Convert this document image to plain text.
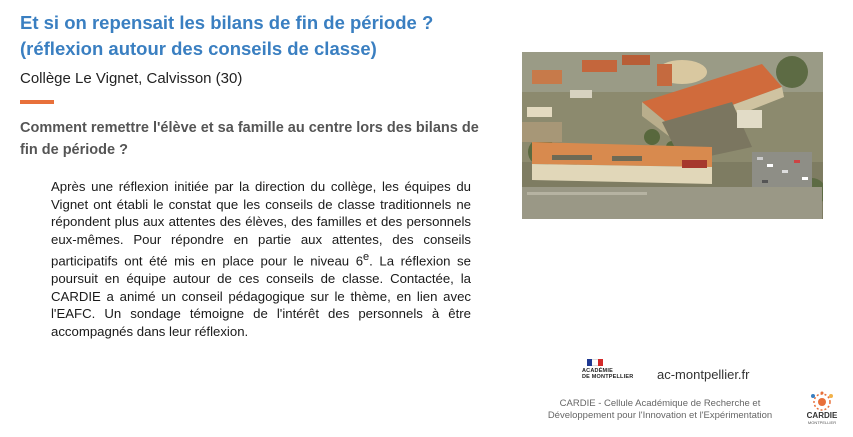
Et si on repensait les bilans de fin de période ?
(réflexion autour des conseils de classe)

Collège Le Vignet, Calvisson (30)

Comment remettre l'élève et sa famille au centre lors des bilans de fin de période ?

Après une réflexion initiée par la direction du collège, les équipes du Vignet ont établi le constat que les conseils de classe traditionnels ne répondent plus aux attentes des élèves, des familles et des personnels eux-mêmes. Pour répondre en partie aux attentes, des conseils participatifs ont été mis en place pour le niveau 6e. La réflexion se poursuit en équipe autour de ces conseils de classe. Contactée, la CARDIE a animé un conseil pédagogique sur le thème, en lien avec l'EAFC. Un sondage témoigne de l'intérêt des personnels à être accompagnés dans leur réflexion.

ACADÉMIE
DE MONTPELLIER ac-montpellier.fr

CARDIE - Cellule Académique de Recherche et
Développement pour l'Innovation et l'Expérimentation	CARDIE
MONTPELLIER
